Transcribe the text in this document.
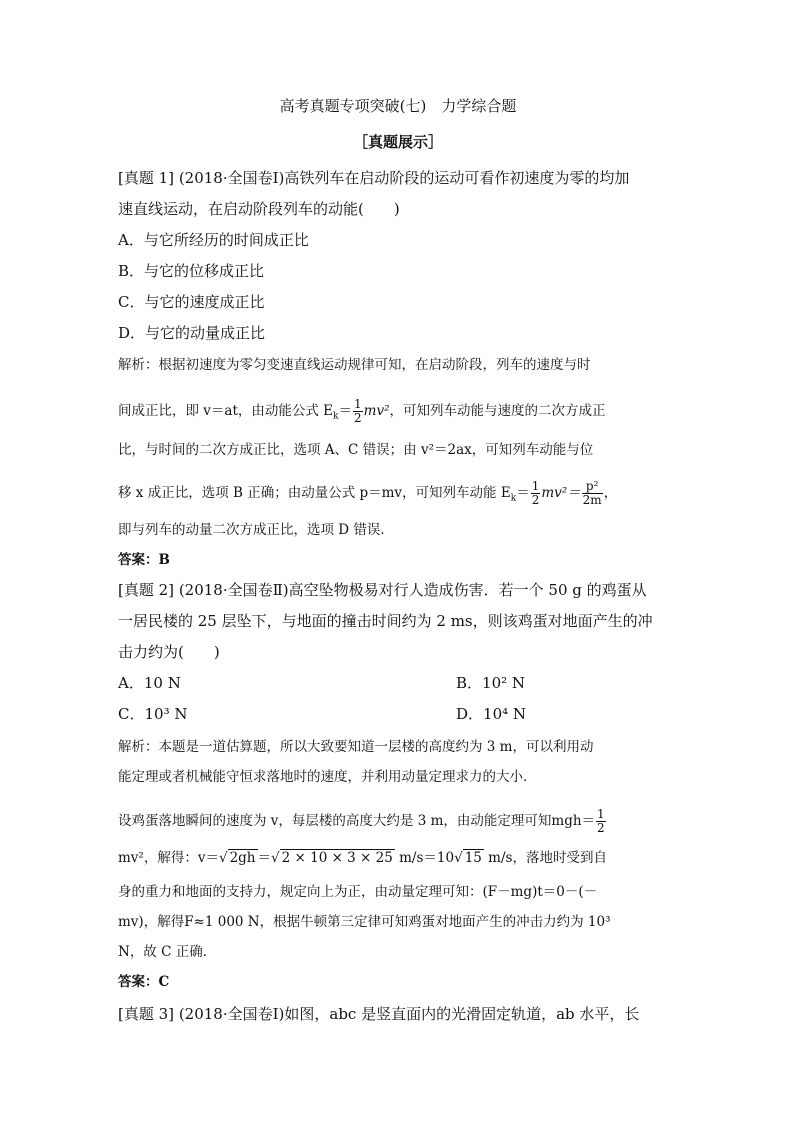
高考真题专项突破(七)　力学综合题
［真题展示］
[真题 1] (2018·全国卷Ⅰ)高铁列车在启动阶段的运动可看作初速度为零的均加
速直线运动，在启动阶段列车的动能(　　)
A．与它所经历的时间成正比
B．与它的位移成正比
C．与它的速度成正比
D．与它的动量成正比
解析：根据初速度为零匀变速直线运动规律可知，在启动阶段，列车的速度与时
间成正比，即 v＝at，由动能公式 $E_k= \frac{1}{2} mv^2$，可知列车动能与速度的二次方成正
比，与时间的二次方成正比，选项 A、C 错误；由 v²＝2ax，可知列车动能与位
移 x 成正比，选项 B 正确；由动量公式 p＝mv，可知列车动能 $E_k= \frac{1}{2} mv^2= \frac{\text{p²}}{2m}$ ，
即与列车的动量二次方成正比，选项 D 错误．
答案：B
[真题 2] (2018·全国卷Ⅱ)高空坠物极易对行人造成伤害．若一个 50 g 的鸡蛋从
一居民楼的 25 层坠下，与地面的撞击时间约为 2 ms，则该鸡蛋对地面产生的冲
击力约为(　　)
A．10 N	B．10² N
C．10³ N	D．10⁴ N
解析：本题是一道估算题，所以大致要知道一层楼的高度约为 3 m，可以利用动
能定理或者机械能守恒求落地时的速度，并利用动量定理求力的大小．
设鸡蛋落地瞬间的速度为 v，每层楼的高度大约是 3 m，由动能定理可知$mgh= \frac{1}{2}$
mv²，解得：v＝√ 2gh ＝√ 2 × 10 × 3 × 25 m/s＝10√ 15 m/s，落地时受到自
身的重力和地面的支持力，规定向上为正，由动量定理可知：(F－mg)t＝0－(－
mv)，解得F≈1 000 N，根据牛顿第三定律可知鸡蛋对地面产生的冲击力约为 10³
N，故 C 正确．
答案：C
[真题 3] (2018·全国卷Ⅰ)如图，abc 是竖直面内的光滑固定轨道，ab 水平，长
